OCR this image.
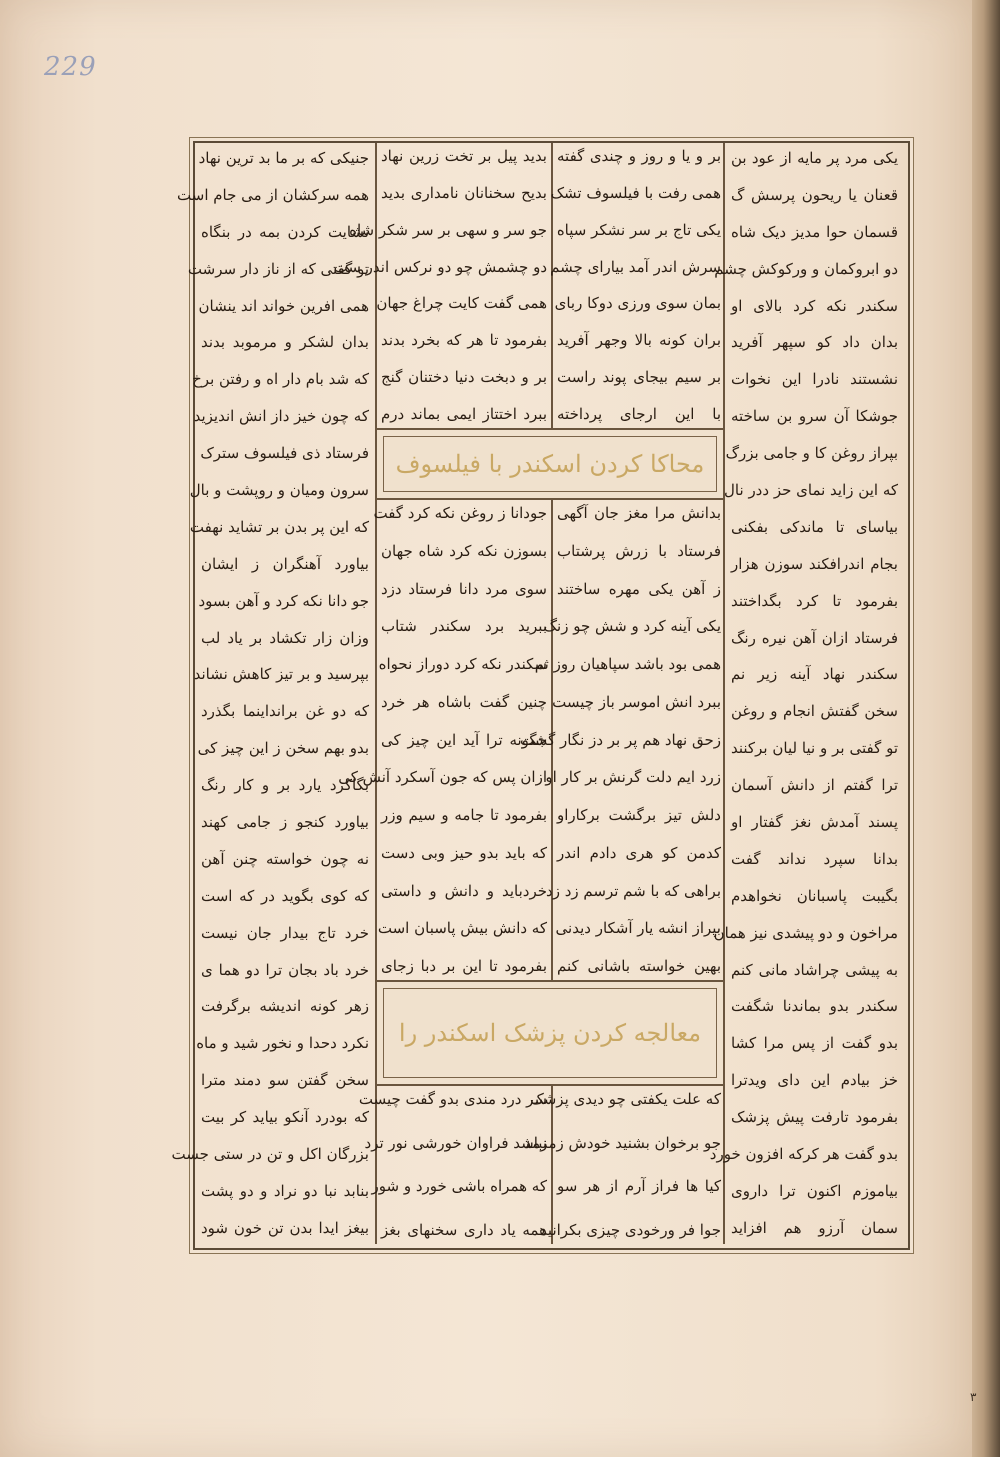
229
جنیکی که بر ما بد ترین نهاد
همه سرکشان از می جام است
نشایت کردن بمه در بنگاه
تو گفتی که از ناز دار سرشت
همی افرین خواند اند ینشان
بدان لشکر و مرموبد بدند
که شد بام دار اه و رفتن برخ
که چون خیز داز انش اندیزید
فرستاد ذی فیلسوف سترک
سرون ومیان و روپشت و بال
که این پر بدن بر تشاید نهفت
بیاورد آهنگران ز ایشان
جو دانا نکه کرد و آهن بسود
وزان زار تکشاد بر یاد لب
بپرسید و بر تیز کاهش نشاند
که دو غن برانداینما بگذرد
بدو بهم سخن ز این چیز کی
بگاکرد یارد بر و کار رنگ
بیاورد کنجو ز جامی کهند
نه چون خواسته چنن آهن
که کوی بگوید در که است
خرد تاج بیدار جان نیست
خرد باد بجان ترا دو هما ی
زهر کونه اندیشه برگرفت
نکرد دحدا و نخور شید و ماه
سخن گفتن سو دمند مترا
که بودرد آنکو بیاید کر بیت
بزرگان اکل و تن در ستی جست
بنابد نبا دو نراد و دو پشت
بیغز ایدا بدن تن خون شود
یکی مرد پر مایه از عود بن
قعنان یا ریحون پرسش گ
قسمان حوا مدیز دیک شاه
دو ابروکمان و ورکوکش چشم
سکندر نکه کرد بالای او
بدان داد کو سپهر آفرید
نشستند نادرا این نخوات
جوشکا آن سرو بن ساخته
بپراز روغن کا و جامی بزرگ
که این زاید نمای حز ددر نال
بیاسای تا ماندکی بفکنی
بجام اندرافکند سوزن هزار
بفرمود تا کرد بگداختند
فرستاد ازان آهن نیره رنگ
سکندر نهاد آینه زیر نم
سخن گفتش انجام و روغن
تو گفتی بر و نیا لیان برکنند
ترا گفتم از دانش آسمان
پسند آمدش نغز گفتار او
بدانا سپرد نداند گفت
بگیبت پاسبانان نخواهدم
مراخون و دو پیشدی نیز همان
به پیشی چراشاد مانی کنم
سکندر بدو بماندنا شگفت
بدو گفت از پس مرا کشا
خز بیادم این دای ویدترا
بفرمود تارفت پیش پزشک
بدو گفت هر کرکه افزون خورد
بیاموزم اکنون ترا داروی
سمان آرزو هم افزاید
بدید پیل بر تخت زرین نهاد
بدیح سخنانان نامداری بدید
جو سر و سهی بر سر شکر شاه
دو چشمش چو دو نرکس اندر ست
همی گفت کایت چراغ جهان
بفرمود تا هر که بخرد بدند
بر و دبخت دنیا دختنان گنج
ببرد اختتاز ایمی بماند درم
بر و یا و روز و چندی گفته
همی رفت با فیلسوف تشک
یکی تاج بر سر نشکر سپاه
سرش اندر آمد بیارای چشم
بمان سوی ورزی دوکا ربای
بران کونه بالا وجهر آفرید
بر سیم بیجای پوند راست
با این ارجای پرداخته
محاکا کردن اسکندر با فیلسوف
جودانا ز روغن نکه کرد گفت
بسوزن نکه کرد شاه جهان
سوی مرد دانا فرستاد دزد
ببرید برد سکندر شتاب
سکندر نکه کرد دوراز نحواه
چنین گفت باشاه هر خرد
جگونه ترا آید این چیز کی
ازان پس که جون آسکرد آنش کی
بفرمود تا جامه و سیم وزر
که باید بدو حیز وبی دست
خردباید و دانش و داستی
که دانش بیش پاسبان است
بفرمود تا این بر دبا زجای
بدانش مرا مغز جان آگهی
فرستاد با زرش پرشتاب
ز آهن یکی مهره ساختند
یکی آینه کرد و شش چو زنگ
همی بود باشد سپاهیان روز ثم
ببرد انش اموسر باز چیست
زحق نهاد هم پر بر دز نگار گشت
زرد ایم دلت گرنش بر کار او
دلش تیز برگشت برکاراو
کدمن کو هری دادم اندر
براهی که با شم ترسم زد زد
بپراز انشه یار آشکار دیدنی
بهین خواسته باشانی کنم
معالجه کردن پزشک اسکندر را
سر درد مندی بدو گفت چیست
نباشد فراوان خورشی نور ترد
که همراه باشی خورد و شور
همه یاد داری سخنهای بغز
که علت یکفتی چو دیدی پزشک
جو برخوان بشنید خودش زمزمد
کیا ها فراز آرم از هر سو
جوا فر ورخودی چیزی بکرانید
۳
